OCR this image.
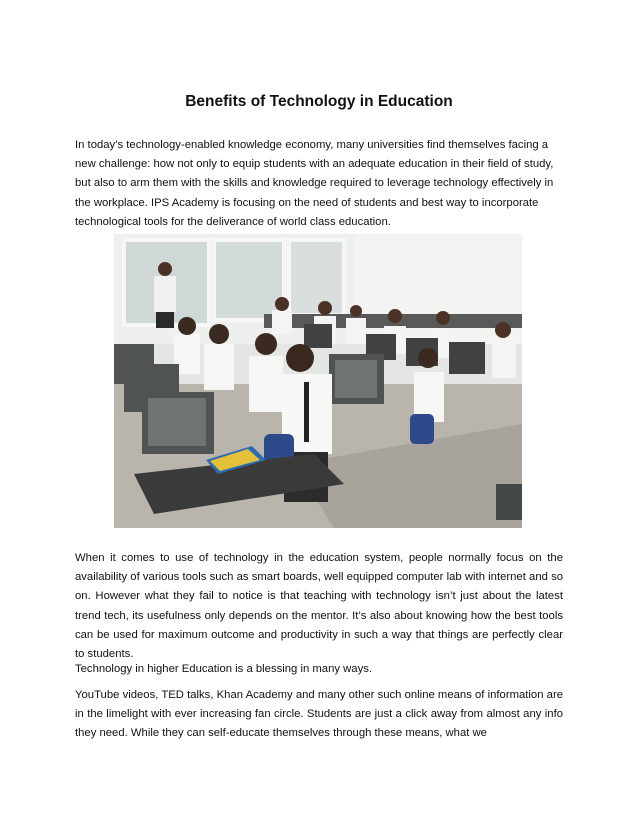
Benefits of Technology in Education

In today’s technology-enabled knowledge economy, many universities find themselves facing a new challenge: how not only to equip students with an adequate education in their field of study, but also to arm them with the skills and knowledge required to leverage technology effectively in the workplace. IPS Academy is focusing on the need of students and best way to incorporate technological tools for the deliverance of world class education.

When it comes to use of technology in the education system, people normally focus on the availability of various tools such as smart boards, well equipped computer lab with internet and so on. However what they fail to notice is that teaching with technology isn’t just about the latest trend tech, its usefulness only depends on the mentor. It’s also about knowing how the best tools can be used for maximum outcome and productivity in such a way that things are perfectly clear to students.

Technology in higher Education is a blessing in many ways.

YouTube videos, TED talks, Khan Academy and many other such online means of information are in the limelight with ever increasing fan circle. Students are just a click away from almost any info they need. While they can self-educate themselves through these means, what we
